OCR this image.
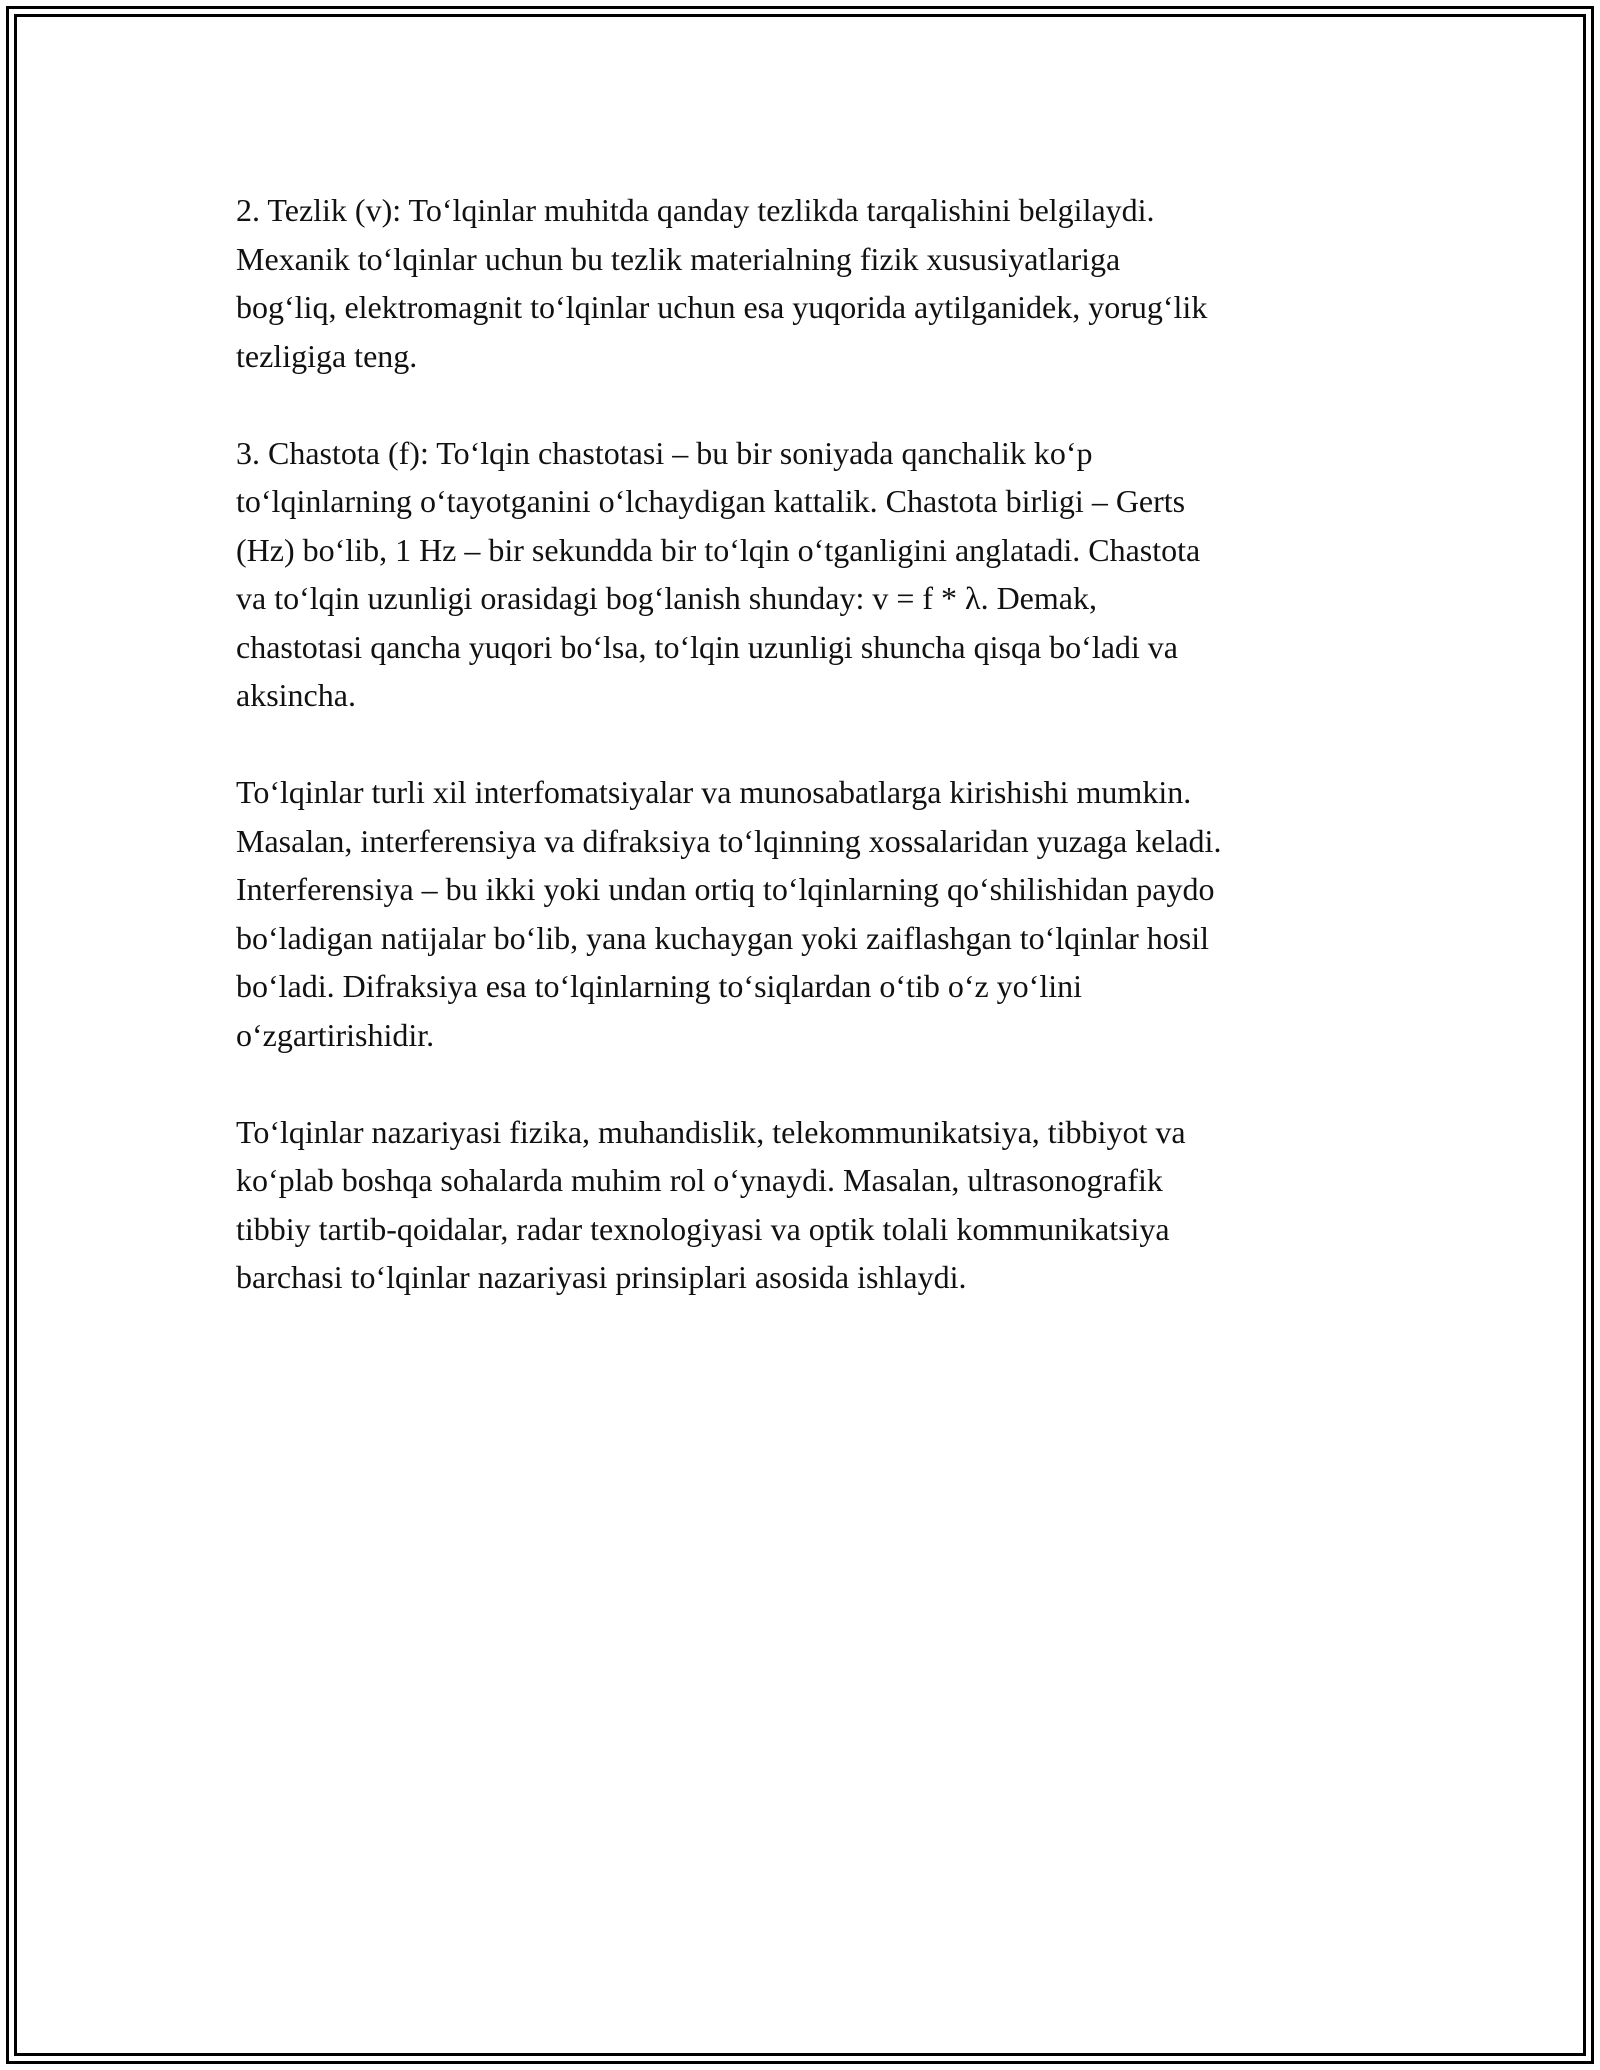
2. Tezlik (v): To‘lqinlar muhitda qanday tezlikda tarqalishini belgilaydi.
Mexanik to‘lqinlar uchun bu tezlik materialning fizik xususiyatlariga
bog‘liq, elektromagnit to‘lqinlar uchun esa yuqorida aytilganidek, yorug‘lik
tezligiga teng.

3. Chastota (f): To‘lqin chastotasi – bu bir soniyada qanchalik ko‘p
to‘lqinlarning o‘tayotganini o‘lchaydigan kattalik. Chastota birligi – Gerts
(Hz) bo‘lib, 1 Hz – bir sekundda bir to‘lqin o‘tganligini anglatadi. Chastota
va to‘lqin uzunligi orasidagi bog‘lanish shunday: v = f * λ. Demak,
chastotasi qancha yuqori bo‘lsa, to‘lqin uzunligi shuncha qisqa bo‘ladi va
aksincha.

To‘lqinlar turli xil interfomatsiyalar va munosabatlarga kirishishi mumkin.
Masalan, interferensiya va difraksiya to‘lqinning xossalaridan yuzaga keladi.
Interferensiya – bu ikki yoki undan ortiq to‘lqinlarning qo‘shilishidan paydo
bo‘ladigan natijalar bo‘lib, yana kuchaygan yoki zaiflashgan to‘lqinlar hosil
bo‘ladi. Difraksiya esa to‘lqinlarning to‘siqlardan o‘tib o‘z yo‘lini
o‘zgartirishidir.

To‘lqinlar nazariyasi fizika, muhandislik, telekommunikatsiya, tibbiyot va
ko‘plab boshqa sohalarda muhim rol o‘ynaydi. Masalan, ultrasonografik
tibbiy tartib-qoidalar, radar texnologiyasi va optik tolali kommunikatsiya
barchasi to‘lqinlar nazariyasi prinsiplari asosida ishlaydi.
